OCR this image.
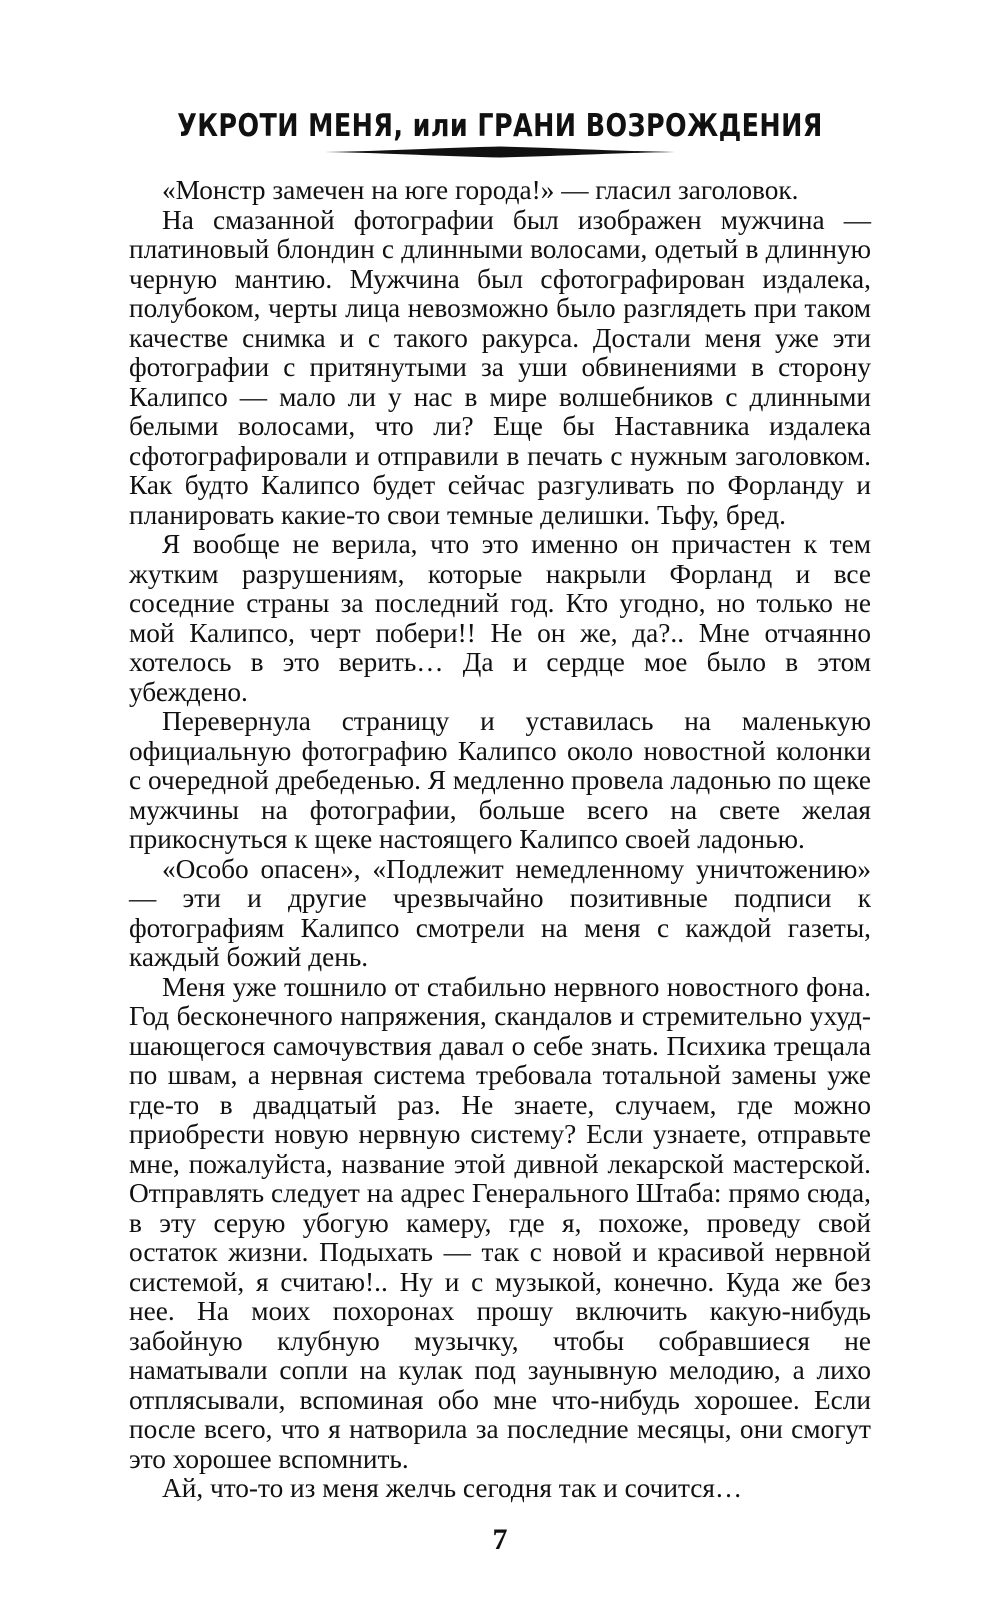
УКРОТИ МЕНЯ, или ГРАНИ ВОЗРОЖДЕНИЯ

«Монстр замечен на юге города!» — гласил заголовок.

На смазанной фотографии был изображен мужчина — платиновый блондин с длинными волосами, одетый в длинную черную мантию. Мужчина был сфотографирован издалека, полубоком, черты лица невозможно было разглядеть при таком качестве снимка и с такого ракурса. Достали меня уже эти фотографии с притянутыми за уши обвинениями в сторону Калипсо — мало ли у нас в мире волшебников с длинными белыми волосами, что ли? Еще бы Наставника издалека сфотографировали и отправили в печать с нужным заголовком. Как будто Калипсо будет сейчас разгуливать по Форланду и планировать какие-то свои темные делишки. Тьфу, бред.

Я вообще не верила, что это именно он причастен к тем жутким разрушениям, которые накрыли Форланд и все соседние страны за последний год. Кто угодно, но только не мой Калипсо, черт побери!! Не он же, да?.. Мне отчаянно хотелось в это верить… Да и сердце мое было в этом убеждено.

Перевернула страницу и уставилась на маленькую официальную фотографию Калипсо около новостной колонки с очередной дребеденью. Я медленно провела ладонью по щеке мужчины на фотографии, больше всего на свете желая прикоснуться к щеке настоящего Калипсо своей ладонью.

«Особо опасен», «Подлежит немедленному уничтожению» — эти и другие чрезвычайно позитивные подписи к фотографиям Калипсо смотрели на меня с каждой газеты, каждый божий день.

Меня уже тошнило от стабильно нервного новостного фона. Год бесконечного напряжения, скандалов и стремительно ухудшающегося самочувствия давал о себе знать. Психика трещала по швам, а нервная система требовала тотальной замены уже где-то в двадцатый раз. Не знаете, случаем, где можно приобрести новую нервную систему? Если узнаете, отправьте мне, пожалуйста, название этой дивной лекарской мастерской. Отправлять следует на адрес Генерального Штаба: прямо сюда, в эту серую убогую камеру, где я, похоже, проведу свой остаток жизни. Подыхать — так с новой и красивой нервной системой, я считаю!.. Ну и с музыкой, конечно. Куда же без нее. На моих похоронах прошу включить какую-нибудь забойную клубную музычку, чтобы собравшиеся не наматывали сопли на кулак под заунывную мелодию, а лихо отплясывали, вспоминая обо мне что-нибудь хорошее. Если после всего, что я натворила за последние месяцы, они смогут это хорошее вспомнить.

Ай, что-то из меня желчь сегодня так и сочится…

7
